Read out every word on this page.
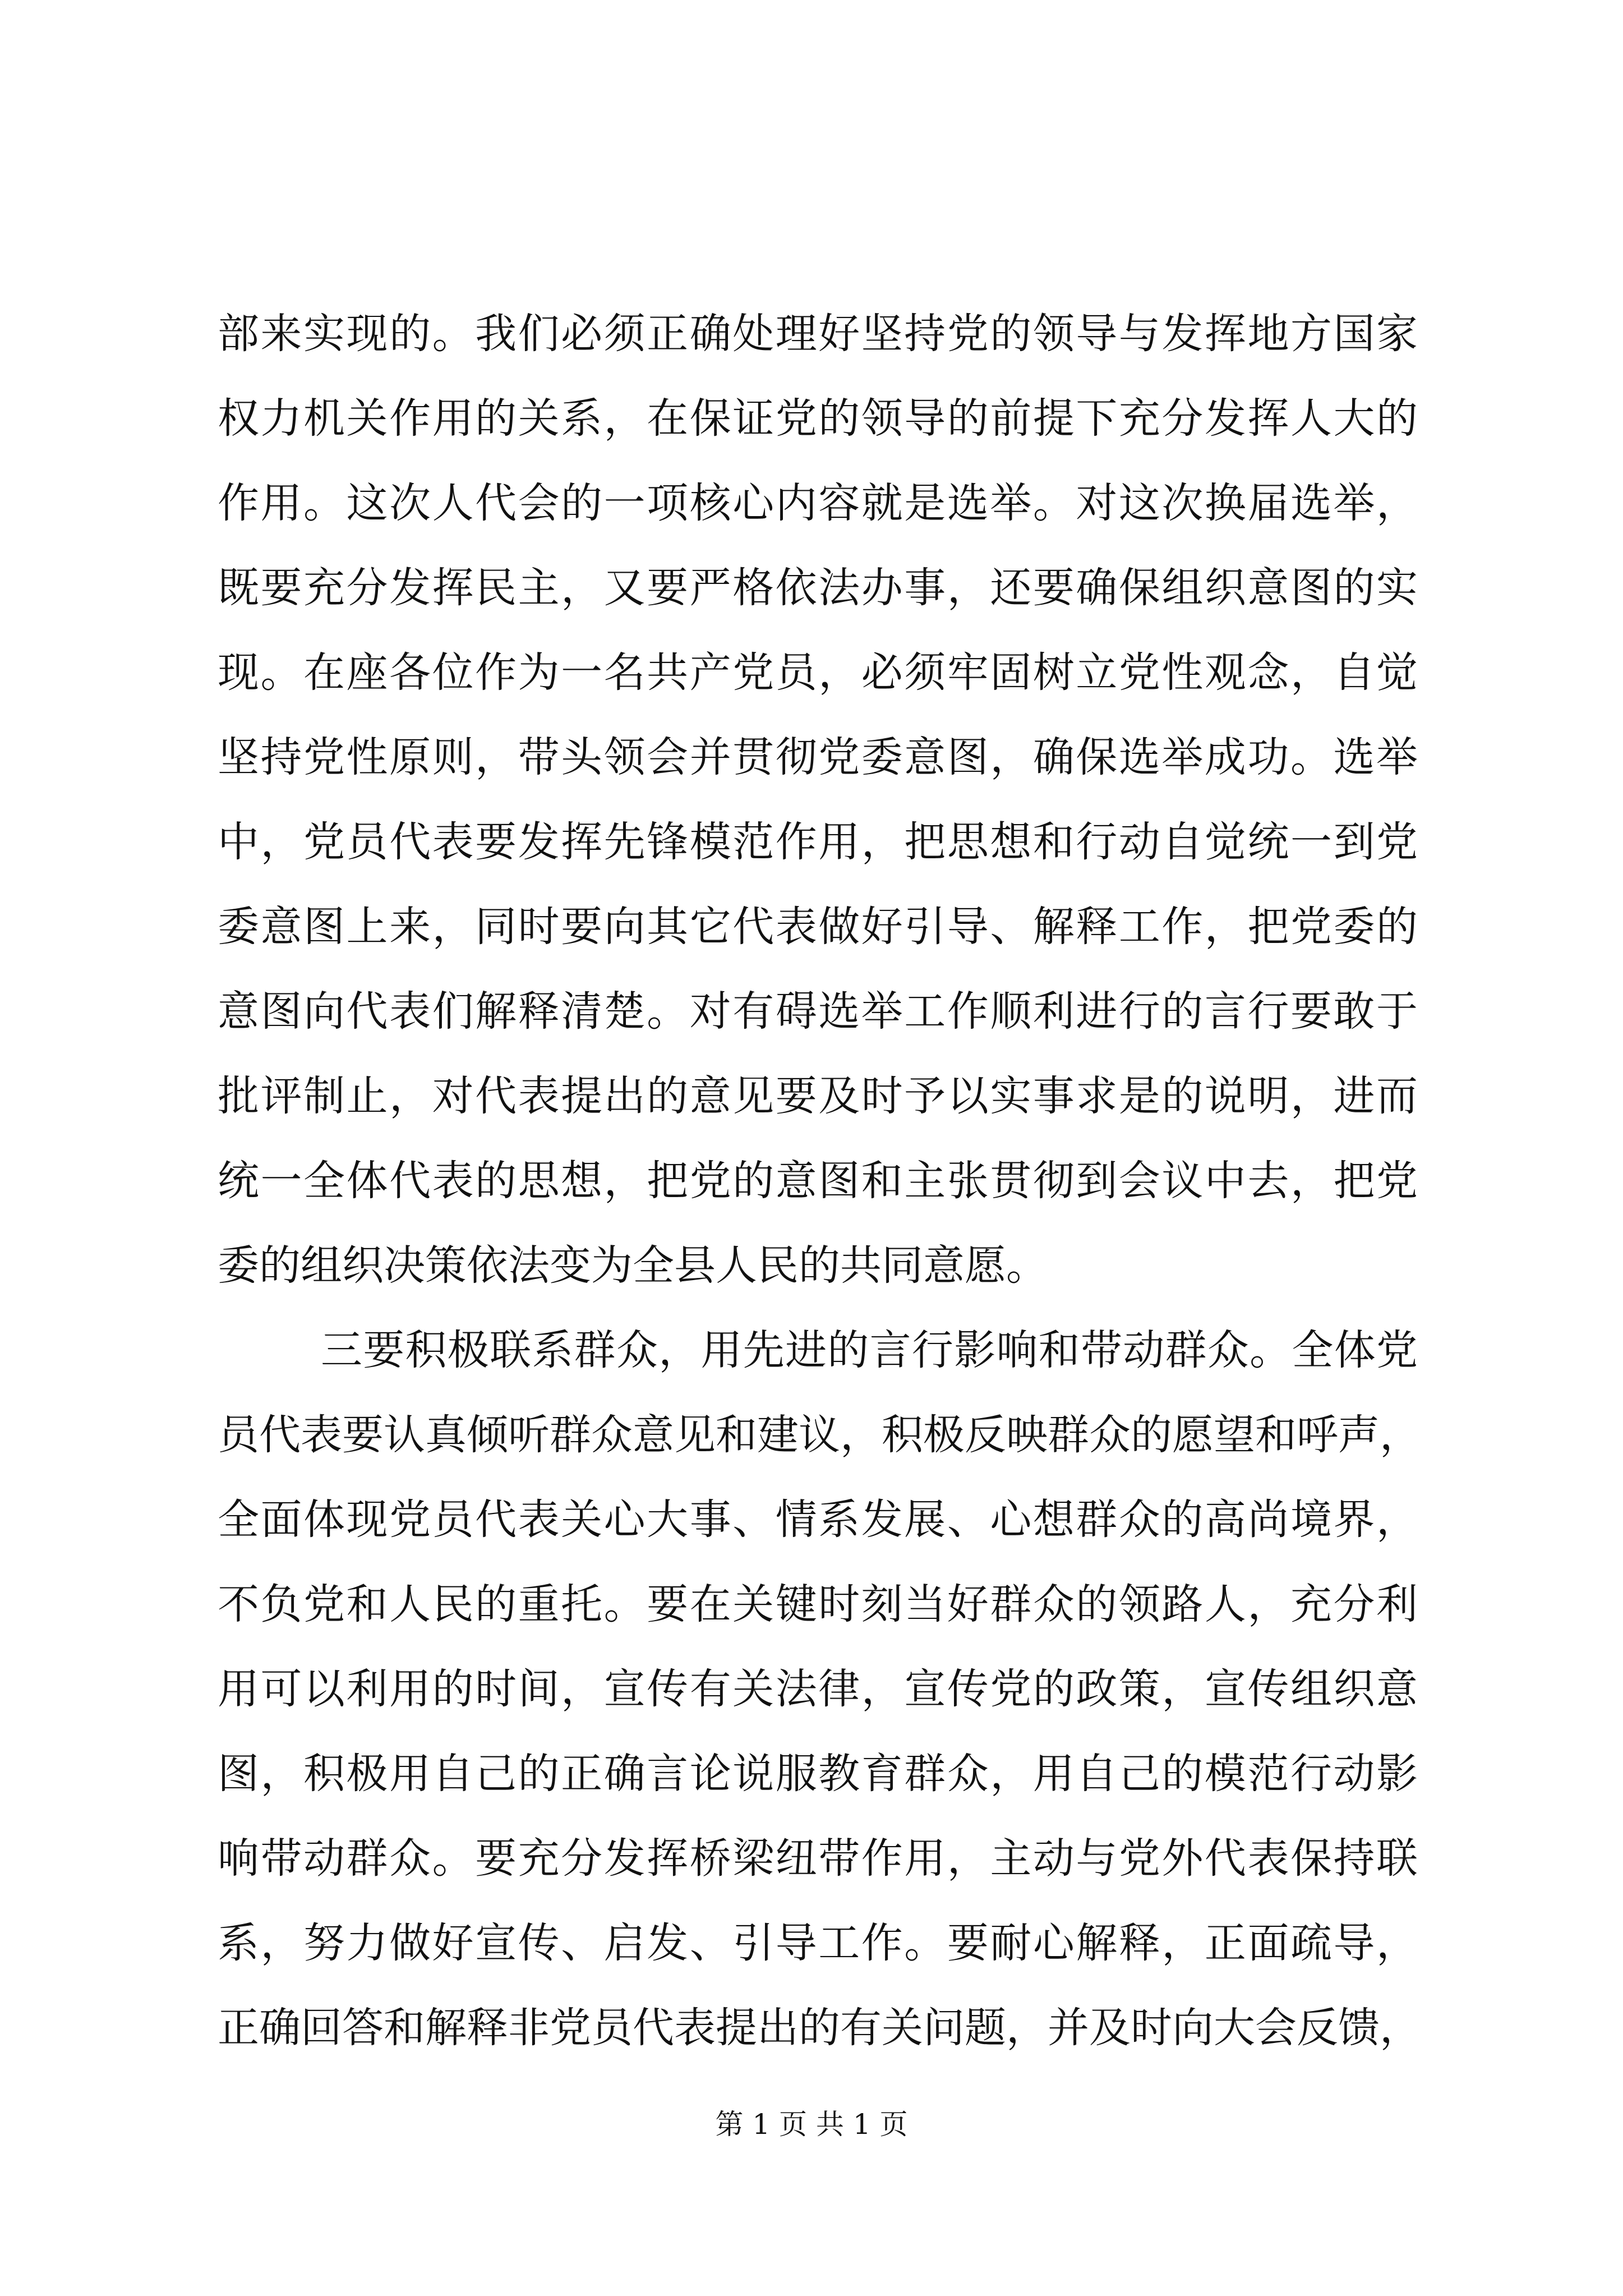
部来实现的。我们必须正确处理好坚持党的领导与发挥地方国家
权力机关作用的关系，在保证党的领导的前提下充分发挥人大的
作用。这次人代会的一项核心内容就是选举。对这次换届选举，
既要充分发挥民主，又要严格依法办事，还要确保组织意图的实
现。在座各位作为一名共产党员，必须牢固树立党性观念，自觉
坚持党性原则，带头领会并贯彻党委意图，确保选举成功。选举
中，党员代表要发挥先锋模范作用，把思想和行动自觉统一到党
委意图上来，同时要向其它代表做好引导、解释工作，把党委的
意图向代表们解释清楚。对有碍选举工作顺利进行的言行要敢于
批评制止，对代表提出的意见要及时予以实事求是的说明，进而
统一全体代表的思想，把党的意图和主张贯彻到会议中去，把党
委的组织决策依法变为全县人民的共同意愿。
三要积极联系群众，用先进的言行影响和带动群众。全体党
员代表要认真倾听群众意见和建议，积极反映群众的愿望和呼声，
全面体现党员代表关心大事、情系发展、心想群众的高尚境界，
不负党和人民的重托。要在关键时刻当好群众的领路人，充分利
用可以利用的时间，宣传有关法律，宣传党的政策，宣传组织意
图，积极用自己的正确言论说服教育群众，用自己的模范行动影
响带动群众。要充分发挥桥梁纽带作用，主动与党外代表保持联
系，努力做好宣传、启发、引导工作。要耐心解释，正面疏导，
正确回答和解释非党员代表提出的有关问题，并及时向大会反馈，
第 1 页 共 1 页
